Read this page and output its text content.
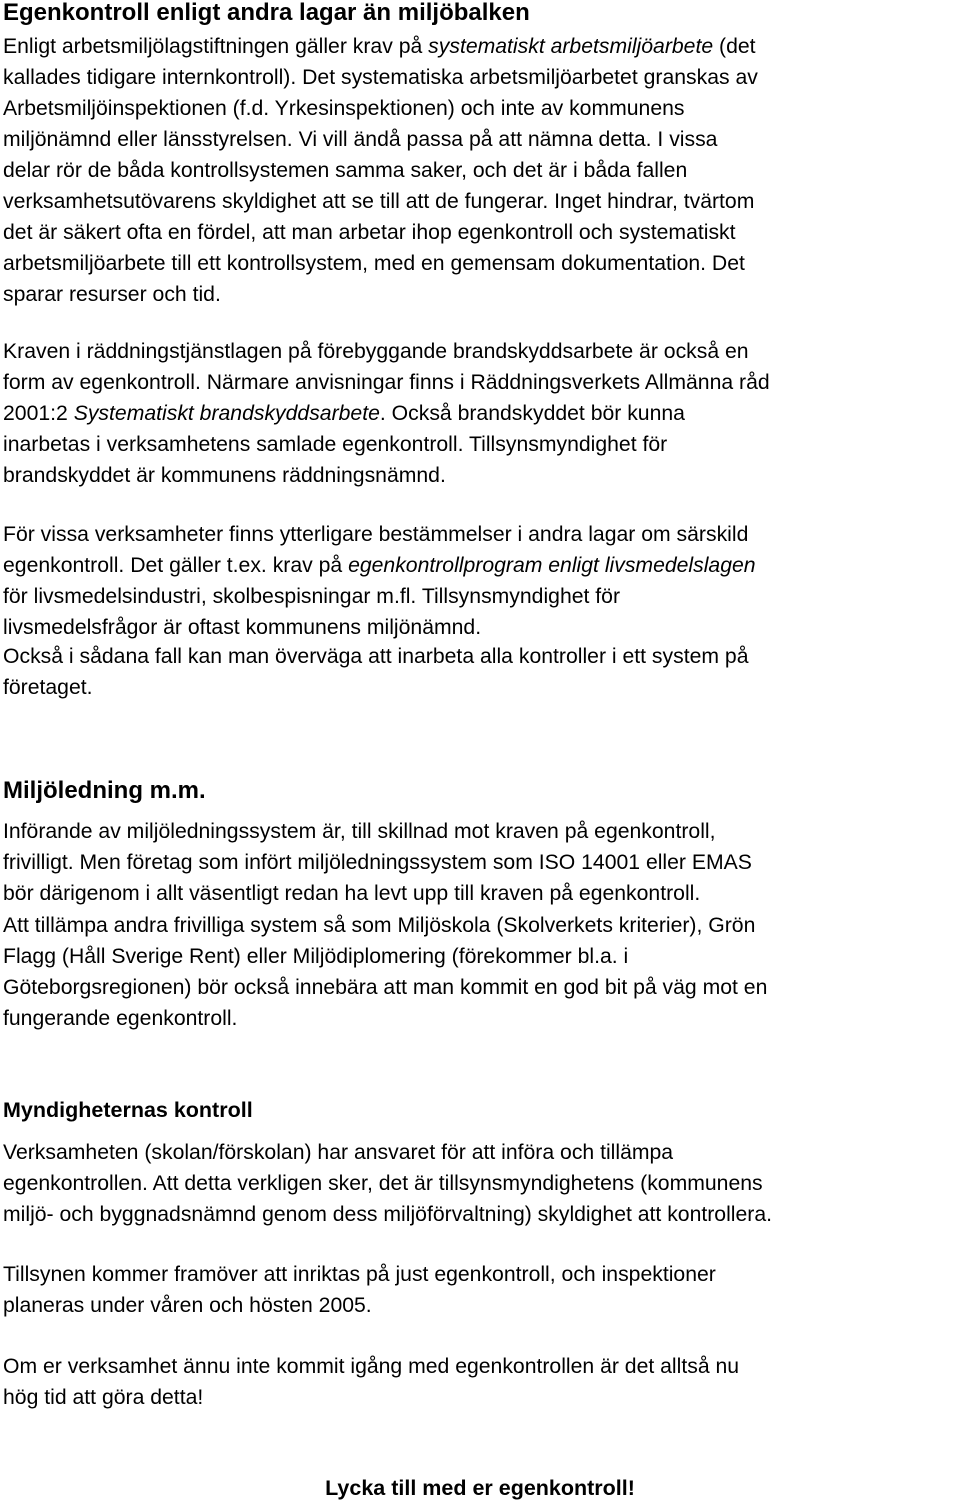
Egenkontroll enligt andra lagar än miljöbalken

Enligt arbetsmiljölagstiftningen gäller krav på systematiskt arbetsmiljöarbete (det
kallades tidigare internkontroll). Det systematiska arbetsmiljöarbetet granskas av
Arbetsmiljöinspektionen (f.d. Yrkesinspektionen) och inte av kommunens
miljönämnd eller länsstyrelsen. Vi vill ändå passa på att nämna detta. I vissa
delar rör de båda kontrollsystemen samma saker, och det är i båda fallen
verksamhetsutövarens skyldighet att se till att de fungerar. Inget hindrar, tvärtom
det är säkert ofta en fördel, att man arbetar ihop egenkontroll och systematiskt
arbetsmiljöarbete till ett kontrollsystem, med en gemensam dokumentation. Det
sparar resurser och tid.

Kraven i räddningstjänstlagen på förebyggande brandskyddsarbete är också en
form av egenkontroll. Närmare anvisningar finns i Räddningsverkets Allmänna råd
2001:2 Systematiskt brandskyddsarbete. Också brandskyddet bör kunna
inarbetas i verksamhetens samlade egenkontroll. Tillsynsmyndighet för
brandskyddet är kommunens räddningsnämnd.

För vissa verksamheter finns ytterligare bestämmelser i andra lagar om särskild
egenkontroll. Det gäller t.ex. krav på egenkontrollprogram enligt livsmedelslagen
för livsmedelsindustri, skolbespisningar m.fl. Tillsynsmyndighet för
livsmedelsfrågor är oftast kommunens miljönämnd.

Också i sådana fall kan man överväga att inarbeta alla kontroller i ett system på
företaget.

Miljöledning m.m.

Införande av miljöledningssystem är, till skillnad mot kraven på egenkontroll,
frivilligt. Men företag som infört miljöledningssystem som ISO 14001 eller EMAS
bör därigenom i allt väsentligt redan ha levt upp till kraven på egenkontroll.

Att tillämpa andra frivilliga system så som Miljöskola (Skolverkets kriterier), Grön
Flagg (Håll Sverige Rent) eller Miljödiplomering (förekommer bl.a. i
Göteborgsregionen) bör också innebära att man kommit en god bit på väg mot en
fungerande egenkontroll.

Myndigheternas kontroll

Verksamheten (skolan/förskolan) har ansvaret för att införa och tillämpa
egenkontrollen. Att detta verkligen sker, det är tillsynsmyndighetens (kommunens
miljö- och byggnadsnämnd genom dess miljöförvaltning) skyldighet att kontrollera.

Tillsynen kommer framöver att inriktas på just egenkontroll, och inspektioner
planeras under våren och hösten 2005.

Om er verksamhet ännu inte kommit igång med egenkontrollen är det alltså nu
hög tid att göra detta!

Lycka till med er egenkontroll!
